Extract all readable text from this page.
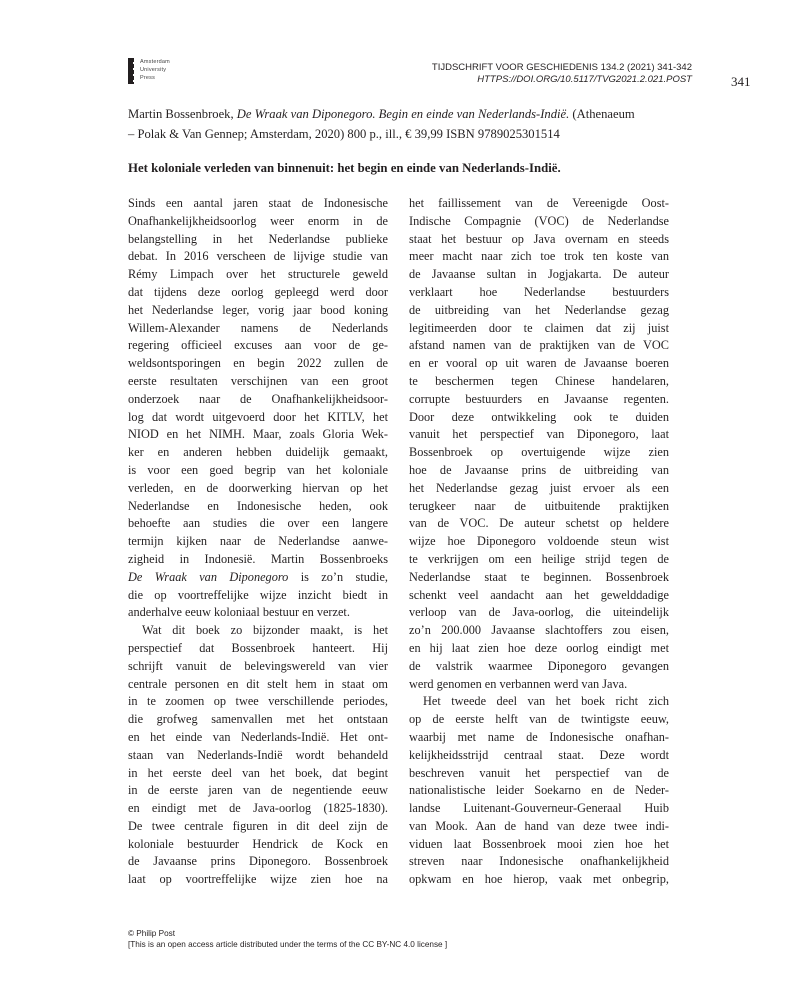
Amsterdam
University
Press
TIJDSCHRIFT VOOR GESCHIEDENIS 134.2 (2021) 341-342
HTTPS://DOI.ORG/10.5117/TVG2021.2.021.POST	341
Martin Bossenbroek, De Wraak van Diponegoro. Begin en einde van Nederlands-Indië. (Athenaeum
– Polak & Van Gennep; Amsterdam, 2020) 800 p., ill., € 39,99 ISBN 9789025301514
Het koloniale verleden van binnenuit: het begin en einde van Nederlands-Indië.
Sinds een aantal jaren staat de Indonesische
Onafhankelijkheidsoorlog weer enorm in de
belangstelling in het Nederlandse publieke
debat. In 2016 verscheen de lijvige studie van
Rémy Limpach over het structurele geweld
dat tijdens deze oorlog gepleegd werd door
het Nederlandse leger, vorig jaar bood koning
Willem-Alexander namens de Nederlands
regering officieel excuses aan voor de ge-
weldsontsporingen en begin 2022 zullen de
eerste resultaten verschijnen van een groot
onderzoek naar de Onafhankelijkheidsoor-
log dat wordt uitgevoerd door het KITLV, het
NIOD en het NIMH. Maar, zoals Gloria Wek-
ker en anderen hebben duidelijk gemaakt,
is voor een goed begrip van het koloniale
verleden, en de doorwerking hiervan op het
Nederlandse en Indonesische heden, ook
behoefte aan studies die over een langere
termijn kijken naar de Nederlandse aanwe-
zigheid in Indonesië. Martin Bossenbroeks
De Wraak van Diponegoro is zo’n studie,
die op voortreffelijke wijze inzicht biedt in
anderhalve eeuw koloniaal bestuur en verzet.
Wat dit boek zo bijzonder maakt, is het
perspectief dat Bossenbroek hanteert. Hij
schrijft vanuit de belevingswereld van vier
centrale personen en dit stelt hem in staat om
in te zoomen op twee verschillende periodes,
die grofweg samenvallen met het ontstaan
en het einde van Nederlands-Indië. Het ont-
staan van Nederlands-Indië wordt behandeld
in het eerste deel van het boek, dat begint
in de eerste jaren van de negentiende eeuw
en eindigt met de Java-oorlog (1825-1830).
De twee centrale figuren in dit deel zijn de
koloniale bestuurder Hendrick de Kock en
de Javaanse prins Diponegoro. Bossenbroek
laat op voortreffelijke wijze zien hoe na
het faillissement van de Vereenigde Oost-
Indische Compagnie (VOC) de Nederlandse
staat het bestuur op Java overnam en steeds
meer macht naar zich toe trok ten koste van
de Javaanse sultan in Jogjakarta. De auteur
verklaart hoe Nederlandse bestuurders
de uitbreiding van het Nederlandse gezag
legitimeerden door te claimen dat zij juist
afstand namen van de praktijken van de VOC
en er vooral op uit waren de Javaanse boeren
te beschermen tegen Chinese handelaren,
corrupte bestuurders en Javaanse regenten.
Door deze ontwikkeling ook te duiden
vanuit het perspectief van Diponegoro, laat
Bossenbroek op overtuigende wijze zien
hoe de Javaanse prins de uitbreiding van
het Nederlandse gezag juist ervoer als een
terugkeer naar de uitbuitende praktijken
van de VOC. De auteur schetst op heldere
wijze hoe Diponegoro voldoende steun wist
te verkrijgen om een heilige strijd tegen de
Nederlandse staat te beginnen. Bossenbroek
schenkt veel aandacht aan het gewelddadige
verloop van de Java-oorlog, die uiteindelijk
zo’n 200.000 Javaanse slachtoffers zou eisen,
en hij laat zien hoe deze oorlog eindigt met
de valstrik waarmee Diponegoro gevangen
werd genomen en verbannen werd van Java.
Het tweede deel van het boek richt zich
op de eerste helft van de twintigste eeuw,
waarbij met name de Indonesische onafhan-
kelijkheidsstrijd centraal staat. Deze wordt
beschreven vanuit het perspectief van de
nationalistische leider Soekarno en de Neder-
landse Luitenant-Gouverneur-Generaal Huib
van Mook. Aan de hand van deze twee indi-
viduen laat Bossenbroek mooi zien hoe het
streven naar Indonesische onafhankelijkheid
opkwam en hoe hierop, vaak met onbegrip,
© Philip Post
[This is an open access article distributed under the terms of the CC BY-NC 4.0 license ]
